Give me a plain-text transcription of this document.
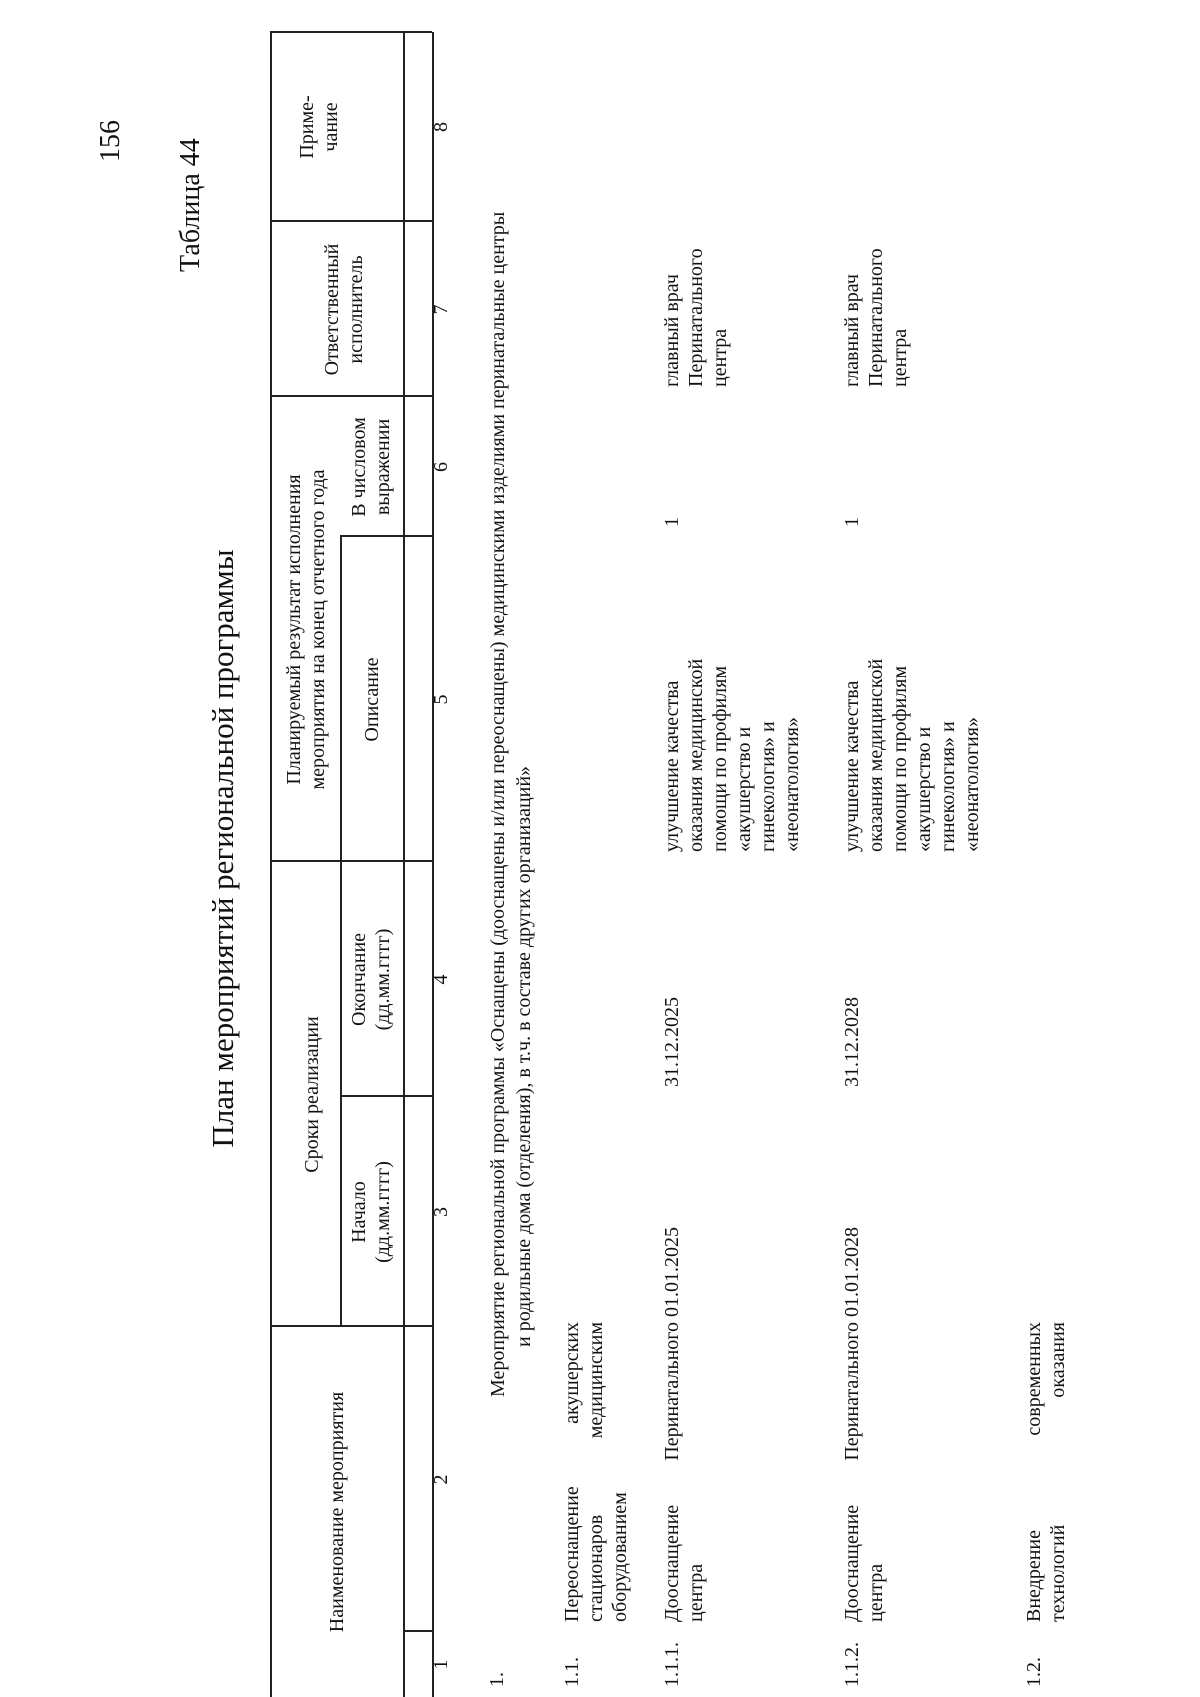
156 Таблица 44
План мероприятий региональной программы
Наименование мероприятия
Сроки реализации
Начало (дд.мм.гггг)
Окончание (дд.мм.гггг)
Планируемый результат исполнения мероприятия на конец отчетного года Описание
В числовом выражении
Ответственный исполнитель
Приме- чание
1
2
3
4
5
6
7
8
1.
Мероприятие региональной программы «Оснащены (дооснащены и/или переоснащены) медицинскими изделиями перинатальные центры и родильные дома (отделения), в т.ч. в составе других организаций»
1.1.
Переоснащение
акушерских
стационаров
медицинским
оборудованием
1.1.1.
Дооснащение
Перинатального
центра
01.01.2025
31.12.2025
улучшение качества оказания медицинской помощи по профилям «акушерство и гинекология» и «неонатология»
1
главный врач Перинатального центра
1.1.2.
Дооснащение
Перинатального
центра
01.01.2028
31.12.2028
улучшение качества оказания медицинской помощи по профилям «акушерство и гинекология» и «неонатология»
1
главный врач Перинатального центра
1.2.
Внедрение
современных
технологий
оказания
